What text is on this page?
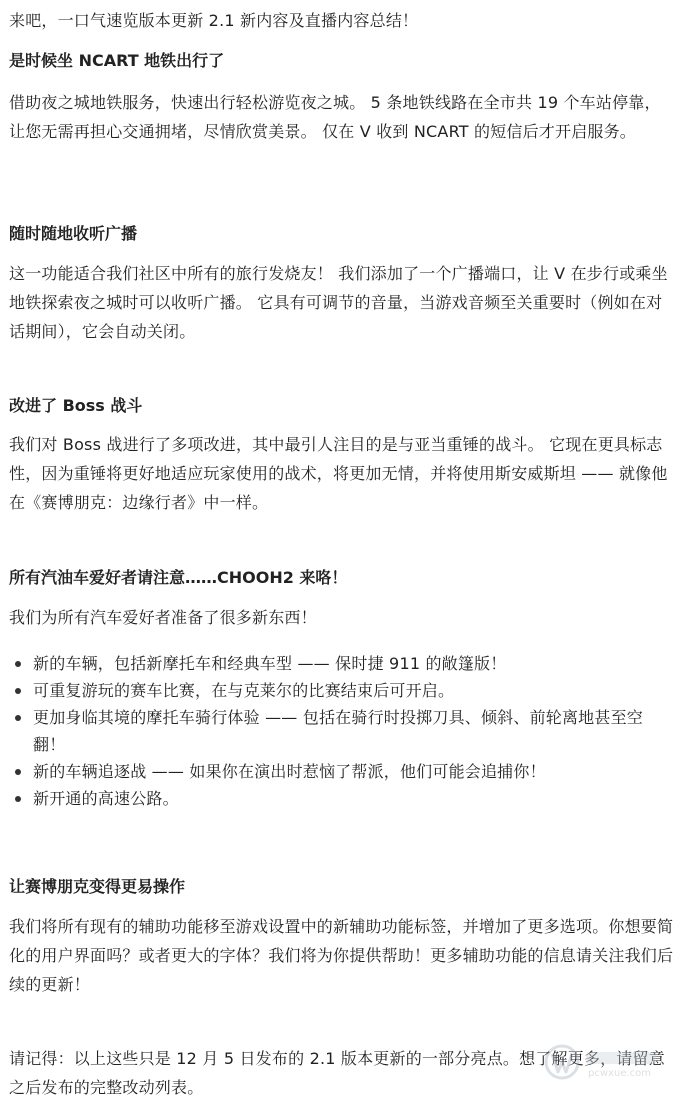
来吧，一口气速览版本更新 2.1 新内容及直播内容总结！

是时候坐 NCART 地铁出行了

借助夜之城地铁服务，快速出行轻松游览夜之城。 5 条地铁线路在全市共 19 个车站停靠，让您无需再担心交通拥堵，尽情欣赏美景。 仅在 V 收到 NCART 的短信后才开启服务。

随时随地收听广播

这一功能适合我们社区中所有的旅行发烧友！ 我们添加了一个广播端口，让 V 在步行或乘坐地铁探索夜之城时可以收听广播。 它具有可调节的音量，当游戏音频至关重要时（例如在对话期间），它会自动关闭。

改进了 Boss 战斗

我们对 Boss 战进行了多项改进，其中最引人注目的是与亚当重锤的战斗。 它现在更具标志性，因为重锤将更好地适应玩家使用的战术，将更加无情，并将使用斯安威斯坦 —— 就像他在《赛博朋克：边缘行者》中一样。

所有汽油车爱好者请注意……CHOOH2 来咯！

我们为所有汽车爱好者准备了很多新东西！

新的车辆，包括新摩托车和经典车型 —— 保时捷 911 的敞篷版！
可重复游玩的赛车比赛，在与克莱尔的比赛结束后可开启。
更加身临其境的摩托车骑行体验 —— 包括在骑行时投掷刀具、倾斜、前轮离地甚至空翻！
新的车辆追逐战 —— 如果你在演出时惹恼了帮派，他们可能会追捕你！
新开通的高速公路。
让赛博朋克变得更易操作

我们将所有现有的辅助功能移至游戏设置中的新辅助功能标签，并增加了更多选项。你想要简化的用户界面吗？或者更大的字体？我们将为你提供帮助！更多辅助功能的信息请关注我们后续的更新！

请记得：以上这些只是 12 月 5 日发布的 2.1 版本更新的一部分亮点。想了解更多，请留意之后发布的完整改动列表。

pcwxue.com
